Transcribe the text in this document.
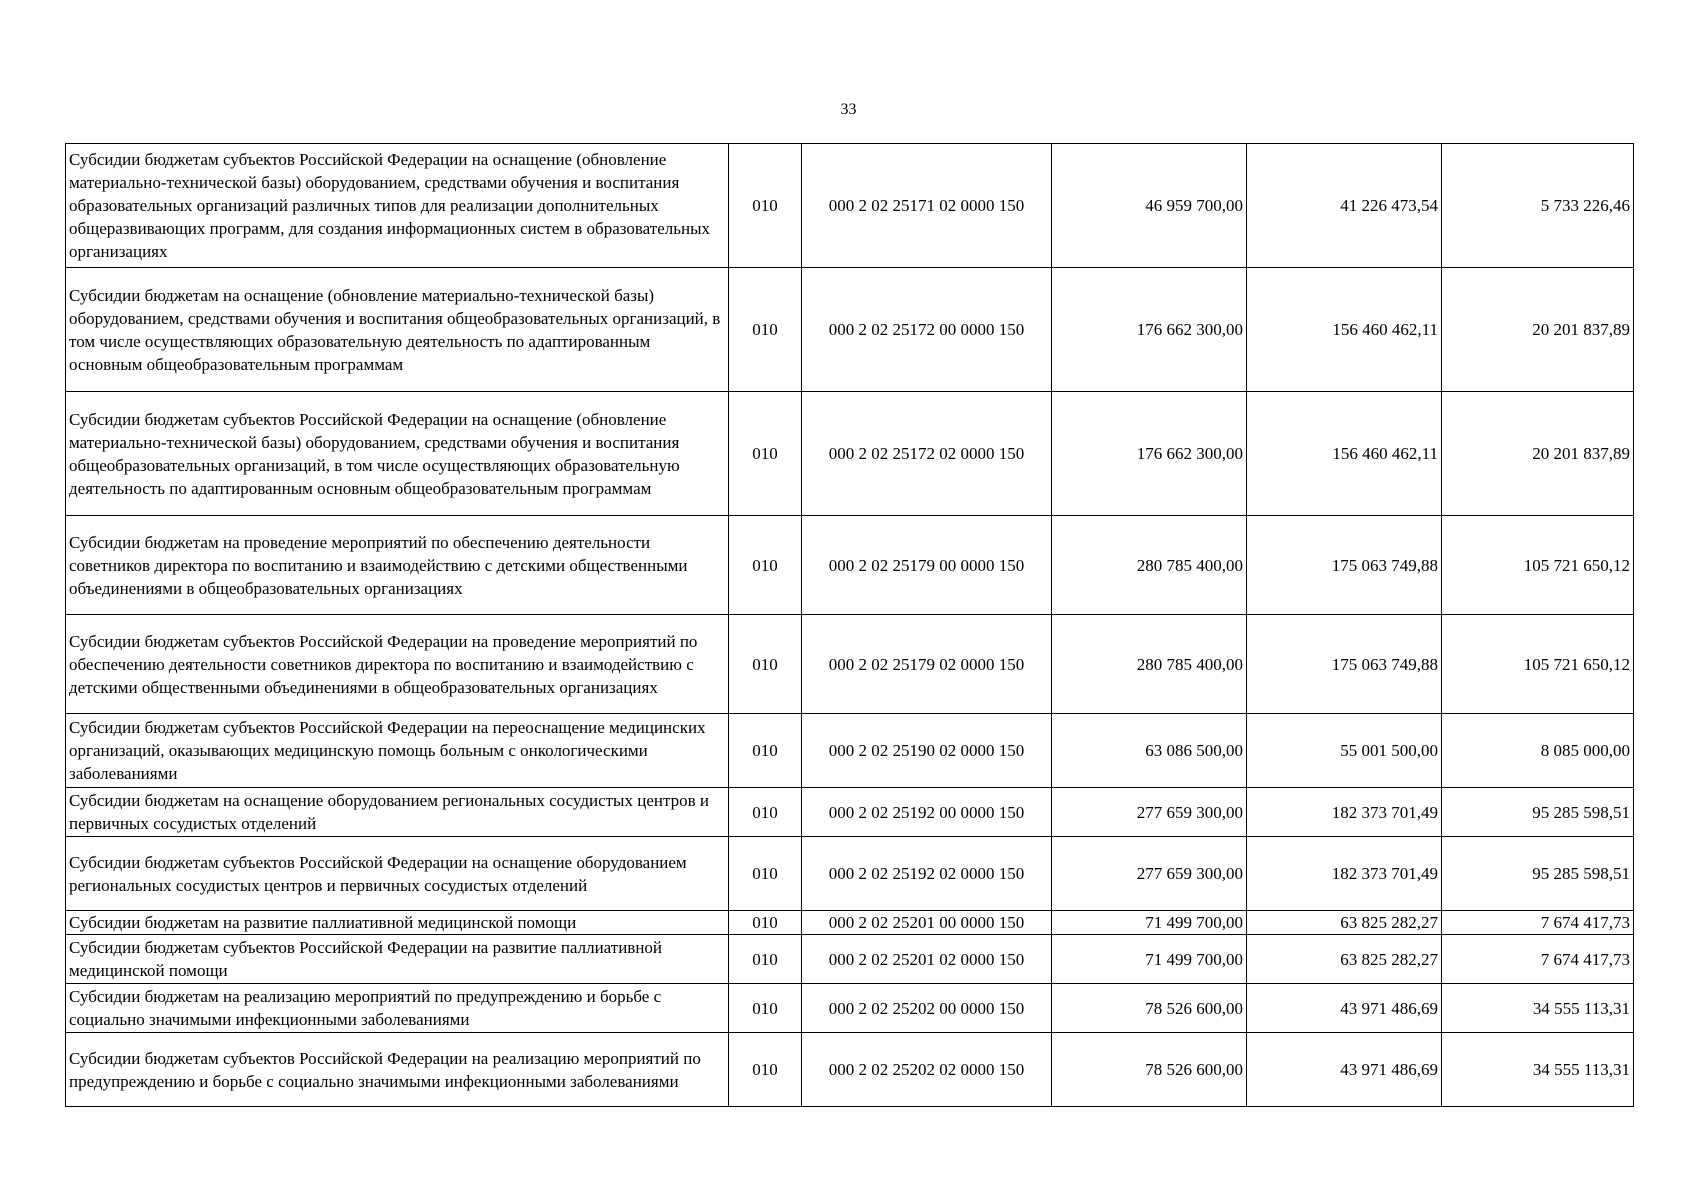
33
Субсидии бюджетам субъектов Российской Федерации на оснащение (обновление материально-технической базы) оборудованием, средствами обучения и воспитания образовательных организаций различных типов для реализации дополнительных общеразвивающих программ, для создания информационных систем в образовательных организациях	010	000 2 02 25171 02 0000 150	46 959 700,00	41 226 473,54	5 733 226,46
Субсидии бюджетам на оснащение (обновление материально-технической базы) оборудованием, средствами обучения и воспитания общеобразовательных организаций, в том числе осуществляющих образовательную деятельность по адаптированным основным общеобразовательным программам	010	000 2 02 25172 00 0000 150	176 662 300,00	156 460 462,11	20 201 837,89
Субсидии бюджетам субъектов Российской Федерации на оснащение (обновление материально-технической базы) оборудованием, средствами обучения и воспитания общеобразовательных организаций, в том числе осуществляющих образовательную деятельность по адаптированным основным общеобразовательным программам	010	000 2 02 25172 02 0000 150	176 662 300,00	156 460 462,11	20 201 837,89
Субсидии бюджетам на проведение мероприятий по обеспечению деятельности советников директора по воспитанию и взаимодействию с детскими общественными объединениями в общеобразовательных организациях	010	000 2 02 25179 00 0000 150	280 785 400,00	175 063 749,88	105 721 650,12
Субсидии бюджетам субъектов Российской Федерации на проведение мероприятий по обеспечению деятельности советников директора по воспитанию и взаимодействию с детскими общественными объединениями в общеобразовательных организациях	010	000 2 02 25179 02 0000 150	280 785 400,00	175 063 749,88	105 721 650,12
Субсидии бюджетам субъектов Российской Федерации на переоснащение медицинских организаций, оказывающих медицинскую помощь больным с онкологическими заболеваниями	010	000 2 02 25190 02 0000 150	63 086 500,00	55 001 500,00	8 085 000,00
Субсидии бюджетам на оснащение оборудованием региональных сосудистых центров и первичных сосудистых отделений	010	000 2 02 25192 00 0000 150	277 659 300,00	182 373 701,49	95 285 598,51
Субсидии бюджетам субъектов Российской Федерации на оснащение оборудованием региональных сосудистых центров и первичных сосудистых отделений	010	000 2 02 25192 02 0000 150	277 659 300,00	182 373 701,49	95 285 598,51
Субсидии бюджетам на развитие паллиативной медицинской помощи	010	000 2 02 25201 00 0000 150	71 499 700,00	63 825 282,27	7 674 417,73
Субсидии бюджетам субъектов Российской Федерации на развитие паллиативной медицинской помощи	010	000 2 02 25201 02 0000 150	71 499 700,00	63 825 282,27	7 674 417,73
Субсидии бюджетам на реализацию мероприятий по предупреждению и борьбе с социально значимыми инфекционными заболеваниями	010	000 2 02 25202 00 0000 150	78 526 600,00	43 971 486,69	34 555 113,31
Субсидии бюджетам субъектов Российской Федерации на реализацию мероприятий по предупреждению и борьбе с социально значимыми инфекционными заболеваниями	010	000 2 02 25202 02 0000 150	78 526 600,00	43 971 486,69	34 555 113,31
